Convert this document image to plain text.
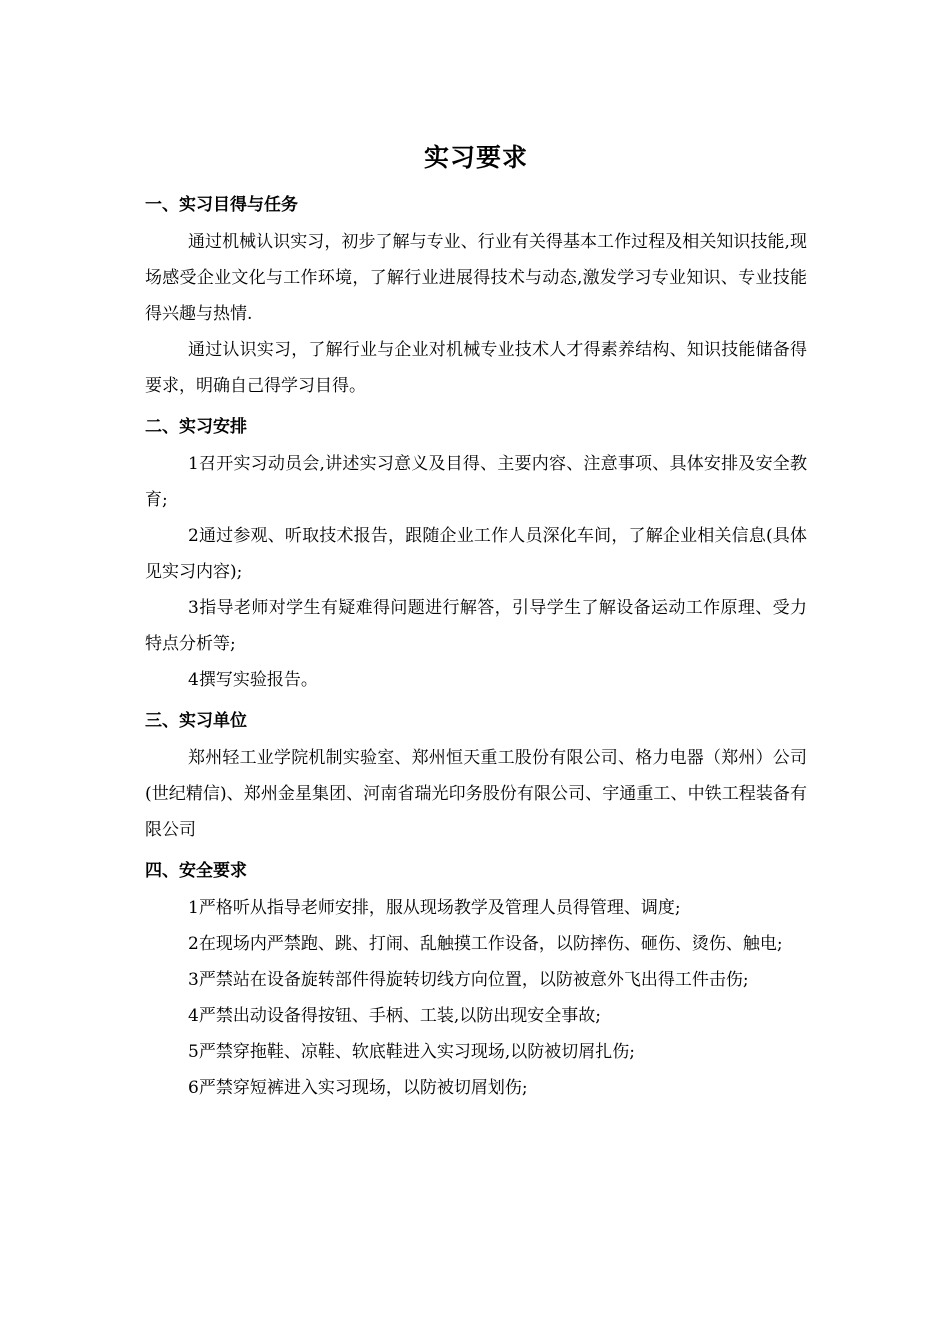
实习要求
一、实习目得与任务

通过机械认识实习，初步了解与专业、行业有关得基本工作过程及相关知识技能,现场感受企业文化与工作环境，了解行业进展得技术与动态,激发学习专业知识、专业技能得兴趣与热情.

通过认识实习，了解行业与企业对机械专业技术人才得素养结构、知识技能储备得要求，明确自己得学习目得。

二、实习安排

1召开实习动员会,讲述实习意义及目得、主要内容、注意事项、具体安排及安全教育;

2通过参观、听取技术报告，跟随企业工作人员深化车间，了解企业相关信息(具体见实习内容);

3指导老师对学生有疑难得问题进行解答，引导学生了解设备运动工作原理、受力特点分析等;

4撰写实验报告。

三、实习单位

郑州轻工业学院机制实验室、郑州恒天重工股份有限公司、格力电器（郑州）公司(世纪精信)、郑州金星集团、河南省瑞光印务股份有限公司、宇通重工、中铁工程装备有限公司

四、安全要求

1严格听从指导老师安排，服从现场教学及管理人员得管理、调度;

2在现场内严禁跑、跳、打闹、乱触摸工作设备，以防摔伤、砸伤、烫伤、触电;

3严禁站在设备旋转部件得旋转切线方向位置，以防被意外飞出得工件击伤;

4严禁出动设备得按钮、手柄、工装,以防出现安全事故;

5严禁穿拖鞋、凉鞋、软底鞋进入实习现场,以防被切屑扎伤;

6严禁穿短裤进入实习现场，以防被切屑划伤;
